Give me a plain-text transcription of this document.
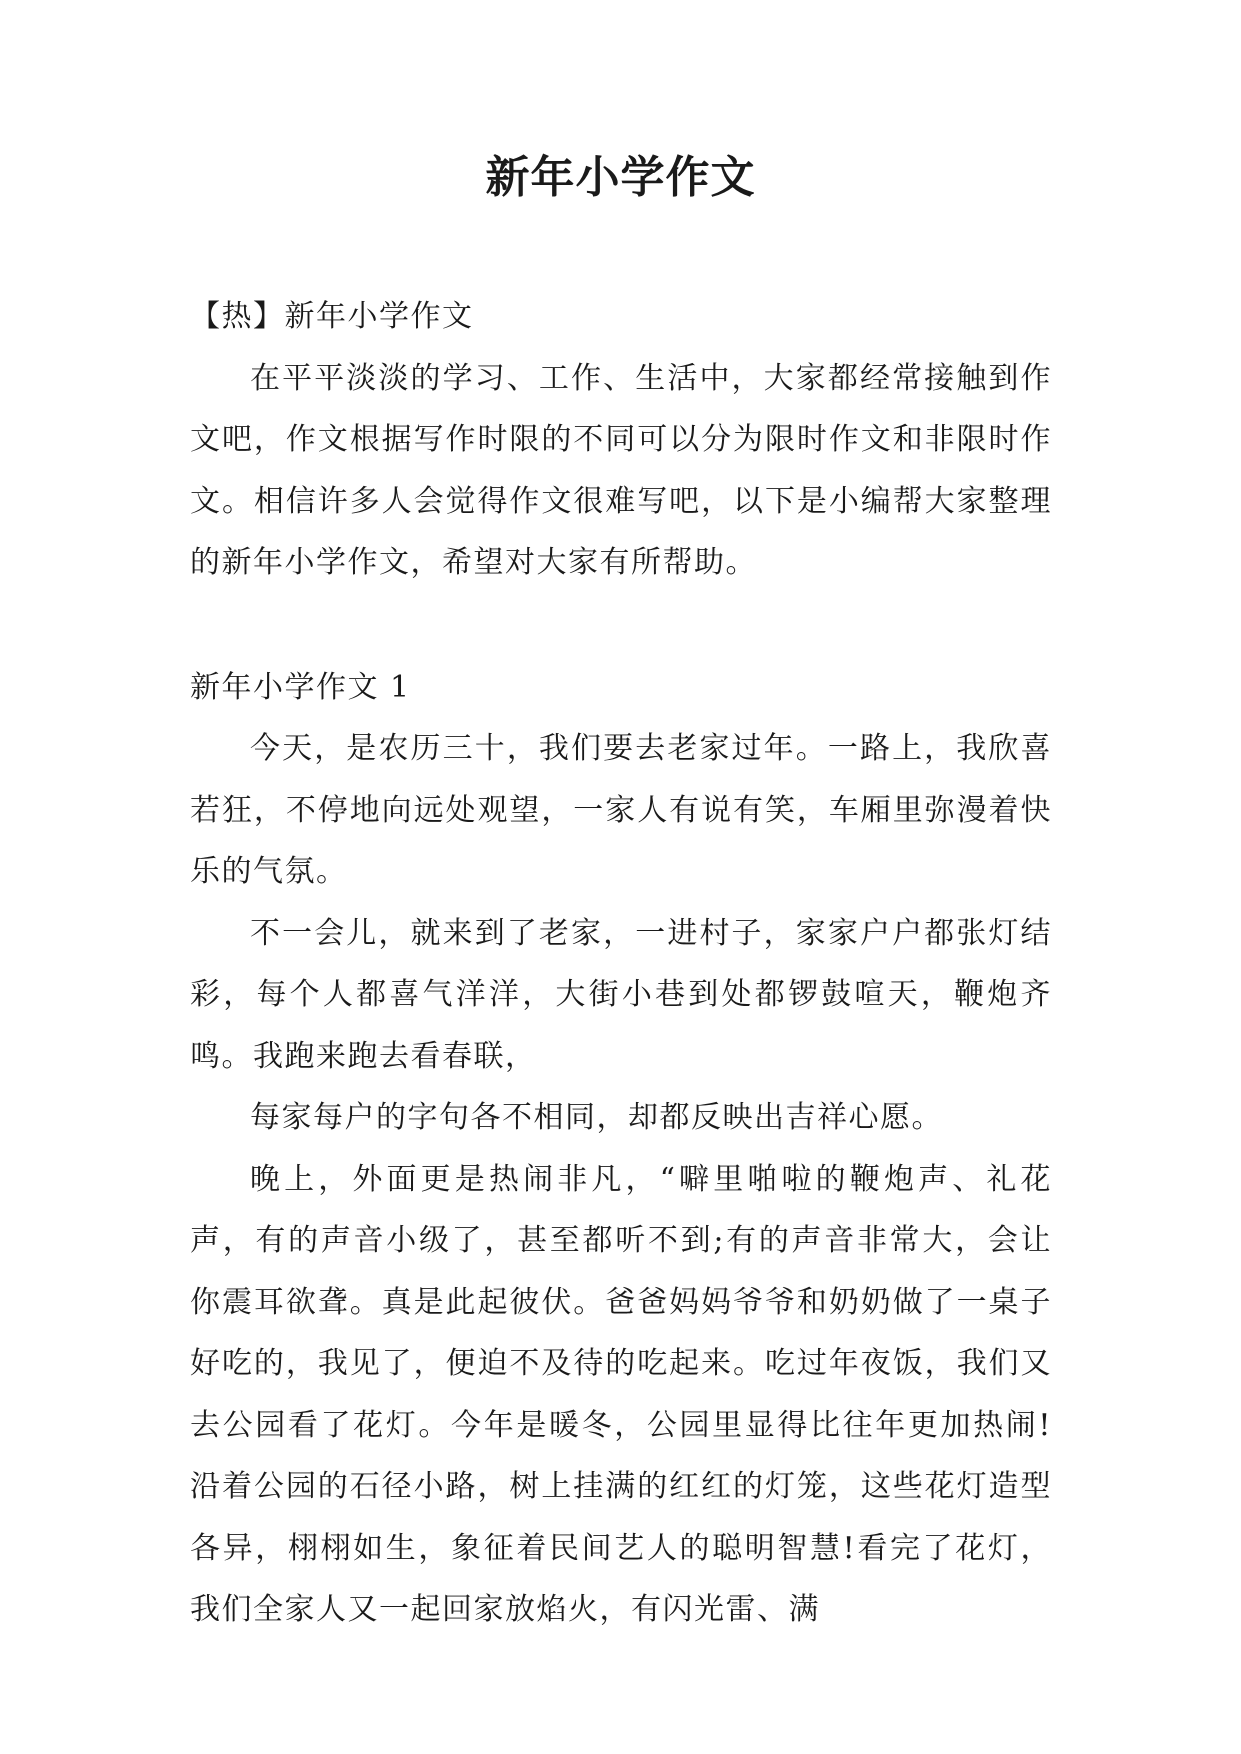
新年小学作文

【热】新年小学作文

在平平淡淡的学习、工作、生活中，大家都经常接触到作文吧，作文根据写作时限的不同可以分为限时作文和非限时作文。相信许多人会觉得作文很难写吧，以下是小编帮大家整理的新年小学作文，希望对大家有所帮助。

新年小学作文 1

今天，是农历三十，我们要去老家过年。一路上，我欣喜若狂，不停地向远处观望，一家人有说有笑，车厢里弥漫着快乐的气氛。

不一会儿，就来到了老家，一进村子，家家户户都张灯结彩，每个人都喜气洋洋，大街小巷到处都锣鼓喧天，鞭炮齐鸣。我跑来跑去看春联，

每家每户的字句各不相同，却都反映出吉祥心愿。

晚上，外面更是热闹非凡，“噼里啪啦的鞭炮声、礼花声，有的声音小级了，甚至都听不到;有的声音非常大，会让你震耳欲聋。真是此起彼伏。爸爸妈妈爷爷和奶奶做了一桌子好吃的，我见了，便迫不及待的吃起来。吃过年夜饭，我们又去公园看了花灯。今年是暖冬，公园里显得比往年更加热闹!沿着公园的石径小路，树上挂满的红红的灯笼，这些花灯造型各异，栩栩如生，象征着民间艺人的聪明智慧!看完了花灯，我们全家人又一起回家放焰火，有闪光雷、满
